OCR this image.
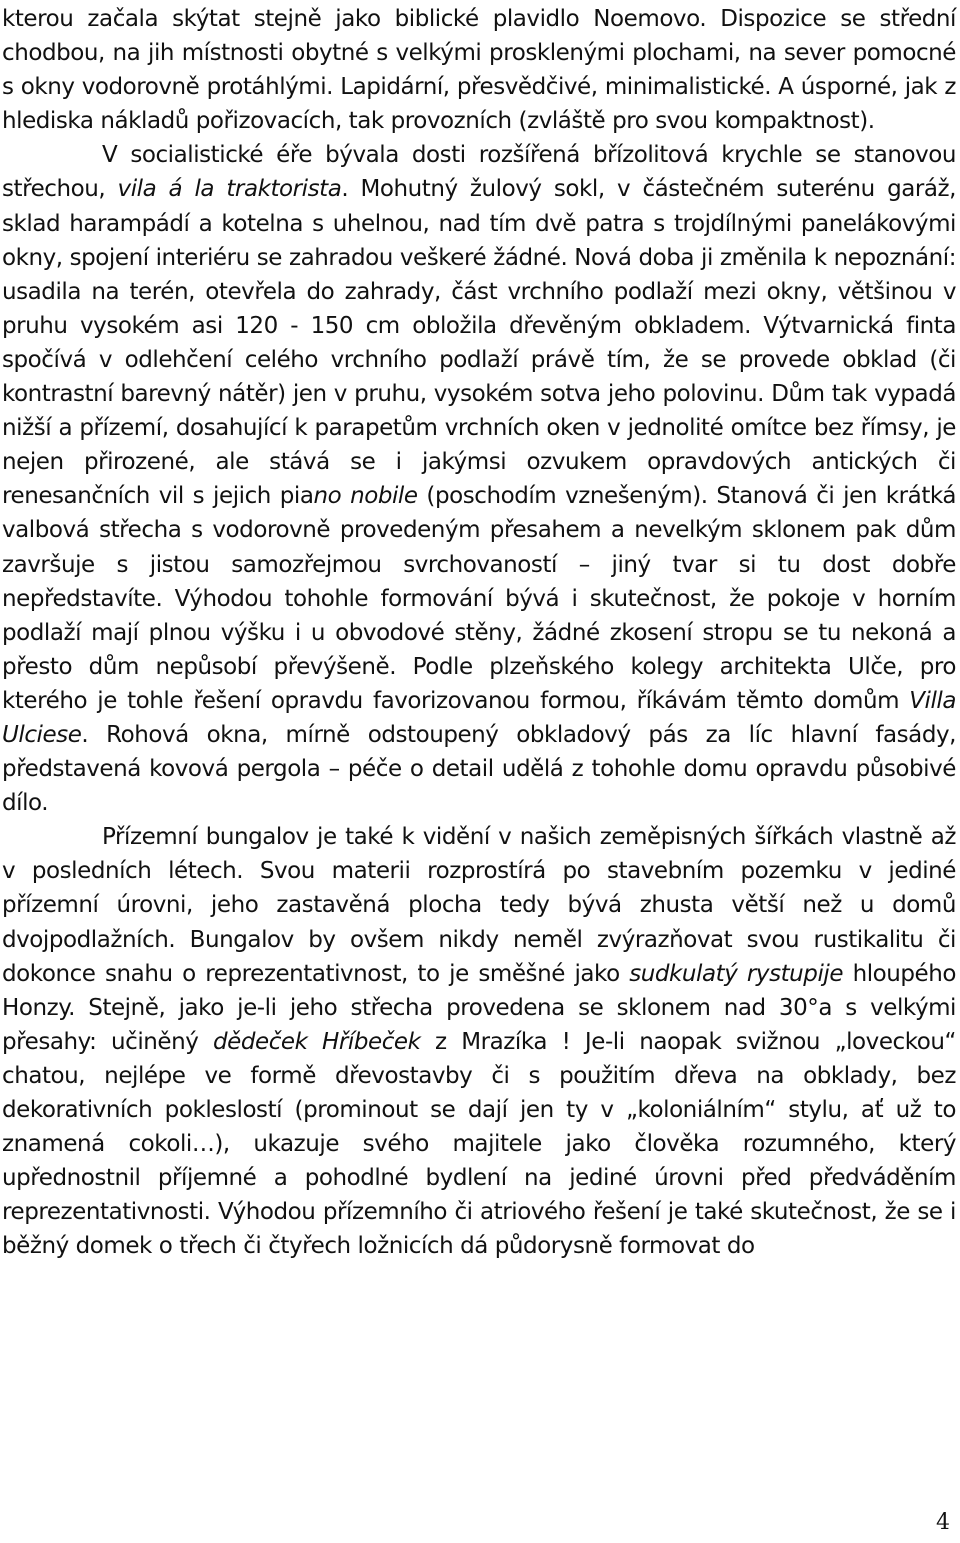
kterou začala skýtat stejně jako biblické plavidlo Noemovo. Dispozice se střední chodbou, na jih místnosti obytné s velkými prosklenými plochami, na sever pomocné s okny vodorovně protáhlými. Lapidární, přesvědčivé, minimalistické. A úsporné, jak z hlediska nákladů pořizovacích, tak provozních (zvláště pro svou kompaktnost).

V socialistické éře bývala dosti rozšířená břízolitová krychle se stanovou střechou, vila á la traktorista. Mohutný žulový sokl, v částečném suterénu garáž, sklad harampádí a kotelna s uhelnou, nad tím dvě patra s trojdílnými panelákovými okny, spojení interiéru se zahradou veškeré žádné. Nová doba ji změnila k nepoznání: usadila na terén, otevřela do zahrady, část vrchního podlaží mezi okny, většinou v pruhu vysokém asi 120 - 150 cm obložila dřevěným obkladem. Výtvarnická finta spočívá v odlehčení celého vrchního podlaží právě tím, že se provede obklad (či kontrastní barevný nátěr) jen v pruhu, vysokém sotva jeho polovinu. Dům tak vypadá nižší a přízemí, dosahující k parapetům vrchních oken v jednolité omítce bez římsy, je nejen přirozené, ale stává se i jakýmsi ozvukem opravdových antických či renesančních vil s jejich piano nobile (poschodím vznešeným). Stanová či jen krátká valbová střecha s vodorovně provedeným přesahem a nevelkým sklonem pak dům završuje s jistou samozřejmou svrchovaností – jiný tvar si tu dost dobře nepředstavíte. Výhodou tohohle formování bývá i skutečnost, že pokoje v horním podlaží mají plnou výšku i u obvodové stěny, žádné zkosení stropu se tu nekoná a přesto dům nepůsobí převýšeně. Podle plzeňského kolegy architekta Ulče, pro kterého je tohle řešení opravdu favorizovanou formou, říkávám těmto domům Villa Ulciese. Rohová okna, mírně odstoupený obkladový pás za líc hlavní fasády, představená kovová pergola – péče o detail udělá z tohohle domu opravdu působivé dílo.

Přízemní bungalov je také k vidění v našich zeměpisných šířkách vlastně až v posledních létech. Svou materii rozprostírá po stavebním pozemku v jediné přízemní úrovni, jeho zastavěná plocha tedy bývá zhusta větší než u domů dvojpodlažních. Bungalov by ovšem nikdy neměl zvýrazňovat svou rustikalitu či dokonce snahu o reprezentativnost, to je směšné jako sudkulatý rystupije hloupého Honzy. Stejně, jako je-li jeho střecha provedena se sklonem nad 30°a s velkými přesahy: učiněný dědeček Hříbeček z Mrazíka ! Je-li naopak svižnou „loveckou“ chatou, nejlépe ve formě dřevostavby či s použitím dřeva na obklady, bez dekorativních pokleslostí (prominout se dají jen ty v „koloniálním“ stylu, ať už to znamená cokoli…), ukazuje svého majitele jako člověka rozumného, který upřednostnil příjemné a pohodlné bydlení na jediné úrovni před předváděním reprezentativnosti. Výhodou přízemního či atriového řešení je také skutečnost, že se i běžný domek o třech či čtyřech ložnicích dá půdorysně formovat do

4
